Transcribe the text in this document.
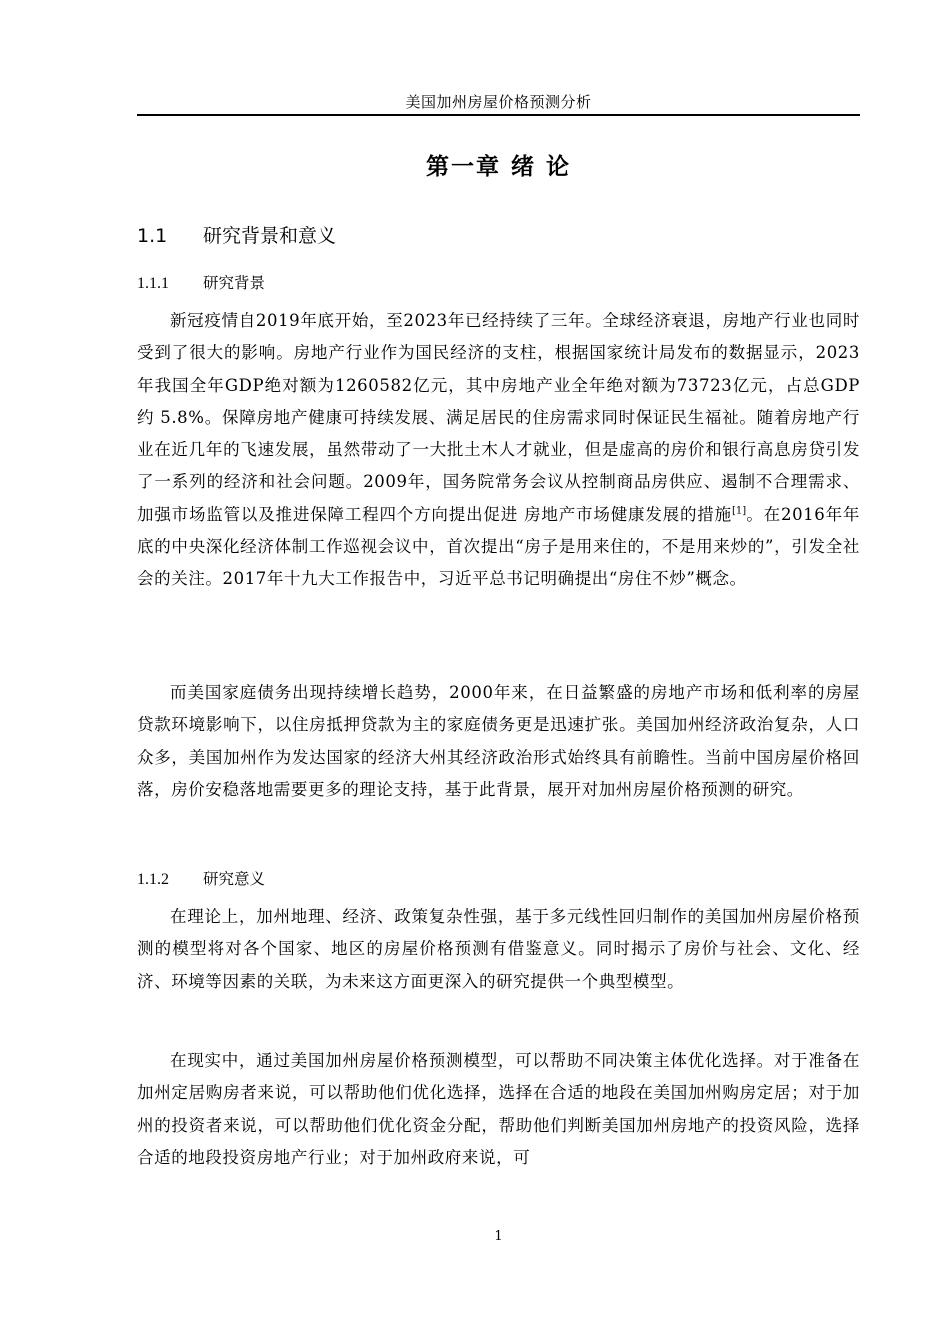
美国加州房屋价格预测分析
第一章 绪 论
1.1 研究背景和意义
1.1.1 研究背景

新冠疫情自2019年底开始，至2023年已经持续了三年。全球经济衰退，房地产行业也同时受到了很大的影响。房地产行业作为国民经济的支柱，根据国家统计局发布的数据显示，2023年我国全年GDP绝对额为1260582亿元，其中房地产业全年绝对额为73723亿元，占总GDP约 5.8%。保障房地产健康可持续发展、满足居民的住房需求同时保证民生福祉。随着房地产行业在近几年的飞速发展，虽然带动了一大批土木人才就业，但是虚高的房价和银行高息房贷引发了一系列的经济和社会问题。2009年，国务院常务会议从控制商品房供应、遏制不合理需求、加强市场监管以及推进保障工程四个方向提出促进 房地产市场健康发展的措施[1]。在2016年年底的中央深化经济体制工作巡视会议中，首次提出“房子是用来住的，不是用来炒的”，引发全社会的关注。2017年十九大工作报告中，习近平总书记明确提出“房住不炒”概念。

而美国家庭债务出现持续增长趋势，2000年来，在日益繁盛的房地产市场和低利率的房屋贷款环境影响下，以住房抵押贷款为主的家庭债务更是迅速扩张。美国加州经济政治复杂，人口众多，美国加州作为发达国家的经济大州其经济政治形式始终具有前瞻性。当前中国房屋价格回落，房价安稳落地需要更多的理论支持，基于此背景，展开对加州房屋价格预测的研究。

1.1.2 研究意义

在理论上，加州地理、经济、政策复杂性强，基于多元线性回归制作的美国加州房屋价格预测的模型将对各个国家、地区的房屋价格预测有借鉴意义。同时揭示了房价与社会、文化、经济、环境等因素的关联，为未来这方面更深入的研究提供一个典型模型。

在现实中，通过美国加州房屋价格预测模型，可以帮助不同决策主体优化选择。对于准备在加州定居购房者来说，可以帮助他们优化选择，选择在合适的地段在美国加州购房定居；对于加州的投资者来说，可以帮助他们优化资金分配，帮助他们判断美国加州房地产的投资风险，选择合适的地段投资房地产行业；对于加州政府来说，可

1
